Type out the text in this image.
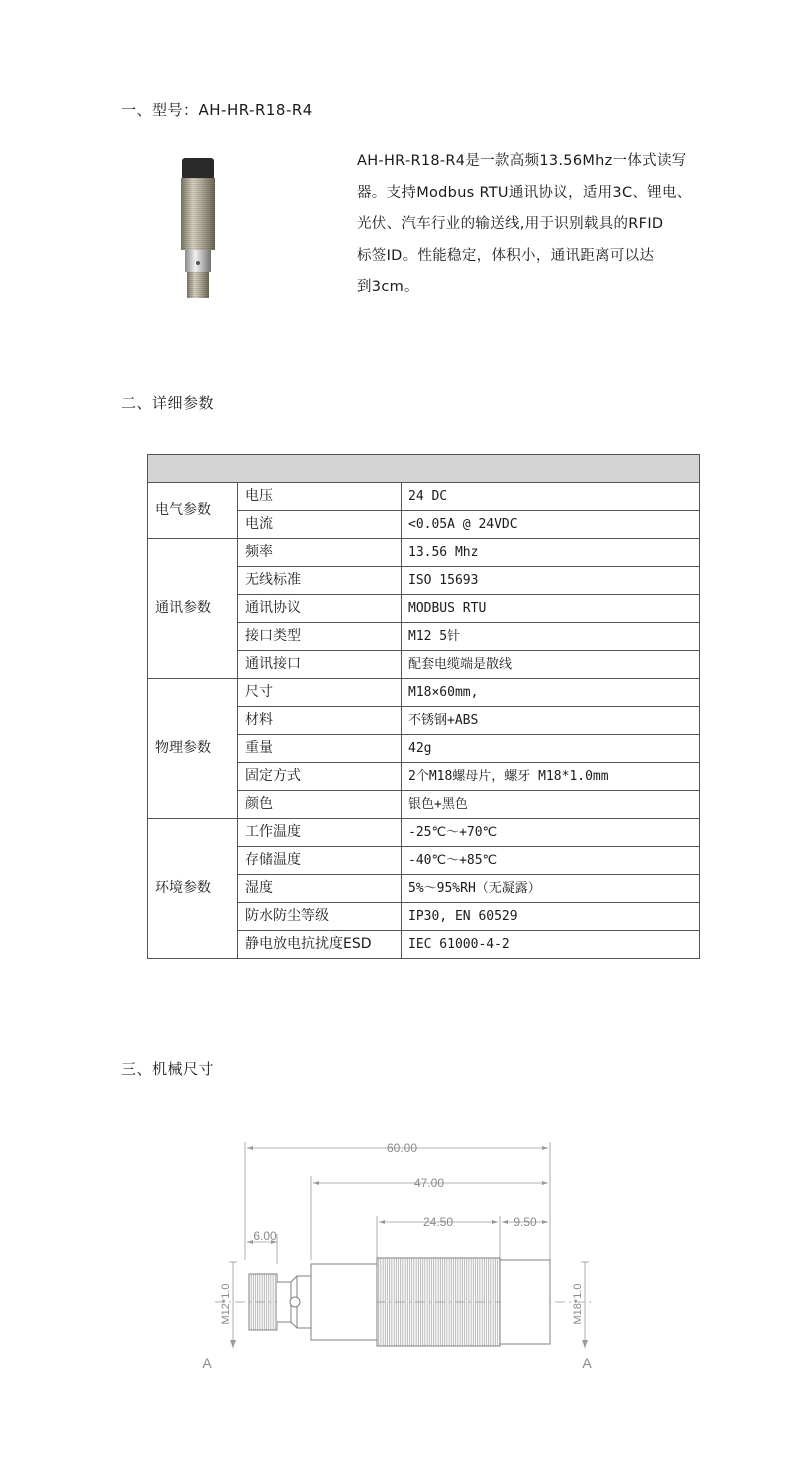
一、型号：AH-HR-R18-R4

AH-HR-R18-R4是一款高频13.56Mhz一体式读写

器。支持Modbus RTU通讯协议，适用3C、锂电、

光伏、汽车行业的输送线,用于识别载具的RFID

标签ID。性能稳定，体积小，通讯距离可以达

到3cm。

二、详细参数

电气参数	电压	24 DC
	电流	<0.05A @ 24VDC
通讯参数	频率	13.56 Mhz
	无线标准	ISO 15693
	通讯协议	MODBUS RTU
	接口类型	M12 5针
	通讯接口	配套电缆端是散线
物理参数	尺寸	M18×60mm,
	材料	不锈钢+ABS
	重量	42g
	固定方式	2个M18螺母片，螺牙 M18*1.0mm
	颜色	银色+黑色
环境参数	工作温度	-25℃～+70℃
	存储温度	-40℃～+85℃
	湿度	5%～95%RH（无凝露）
	防水防尘等级	IP30, EN 60529
	静电放电抗扰度ESD	IEC 61000-4-2
三、机械尺寸
60.00
47.00
24.50	9.50
6.00
M12*1.0	M18*1.0
A	A
